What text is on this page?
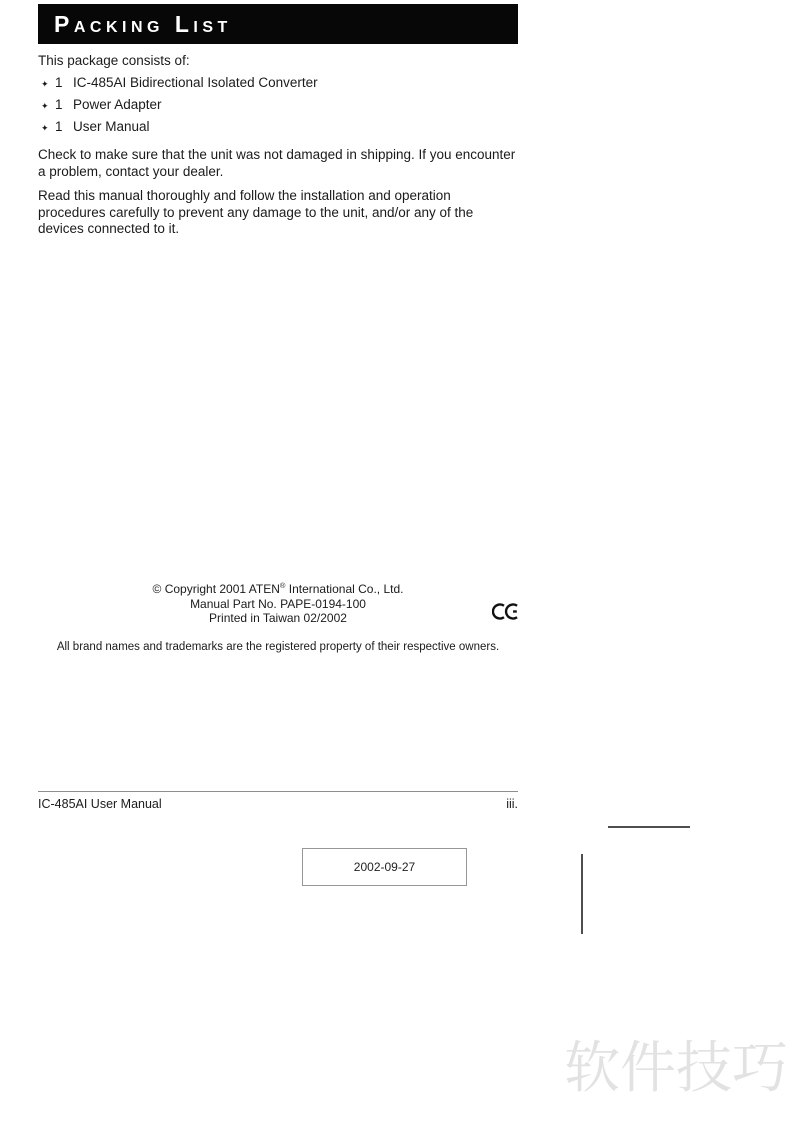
Packing List

This package consists of:

✦ 1 IC-485AI Bidirectional Isolated Converter
✦ 1 Power Adapter
✦ 1 User Manual

Check to make sure that the unit was not damaged in shipping. If you encounter
a problem, contact your dealer.

Read this manual thoroughly and follow the installation and operation
procedures carefully to prevent any damage to the unit, and/or any of the
devices connected to it.

© Copyright 2001 ATEN® International Co., Ltd.
Manual Part No. PAPE-0194-100
Printed in Taiwan 02/2002

All brand names and trademarks are the registered property of their respective owners.

IC-485AI User Manual	iii.
2002-09-27
软件技巧
